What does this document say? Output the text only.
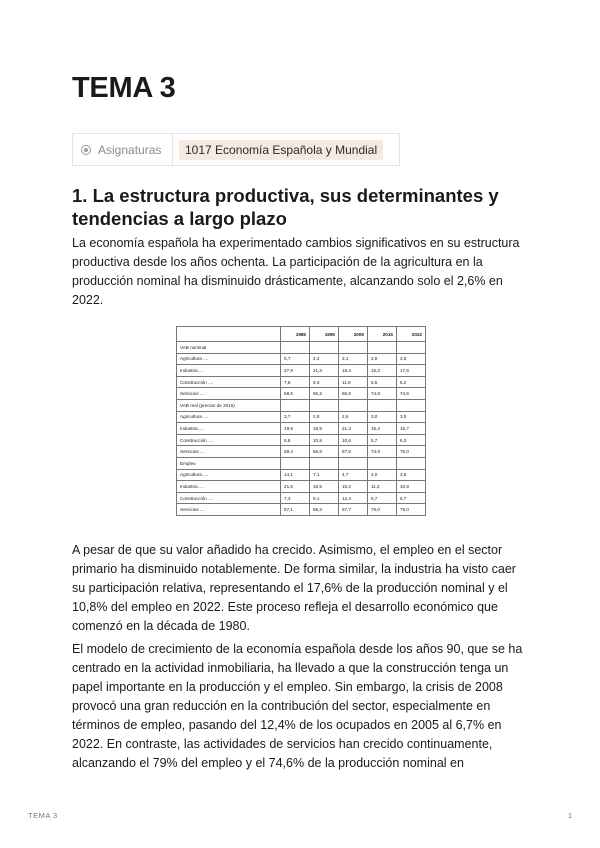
TEMA 3
Asignaturas	1017 Economía Española y Mundial
1. La estructura productiva, sus determinantes y tendencias a largo plazo

La economía española ha experimentado cambios significativos en su estructura productiva desde los años ochenta. La participación de la agricultura en la producción nominal ha disminuido drásticamente, alcanzando solo el 2,6% en 2022.

	1985	1995	2005	2015	2022
VAB nominal					
Agricultura ....	5,7	4,2	3,1	2,9	2,6
Industria ....	27,9	21,3	18,4	16,3	17,6
Construcción ....	7,8	9,3	11,9	5,5	5,2
Servicios ....	58,5	65,2	66,6	74,8	74,6
VAB real (precios de 2015)					
Agricultura ....	3,7	2,8	2,6	3,0	3,0
Industria ....	19,9	18,9	21,3	16,4	15,7
Construcción ....	6,8	10,8	10,6	5,7	6,3
Servicios ....	69,4	66,8	67,5	74,9	75,0
Empleo					
Agricultura ....	14,1	7,1	4,7	4,0	3,5
Industria ....	21,5	18,5	15,2	11,2	10,8
Construcción ....	7,3	9,1	12,4	5,7	6,7
Servicios ....	57,1	65,3	67,7	79,0	79,0

A pesar de que su valor añadido ha crecido. Asimismo, el empleo en el sector primario ha disminuido notablemente. De forma similar, la industria ha visto caer su participación relativa, representando el 17,6% de la producción nominal y el 10,8% del empleo en 2022. Este proceso refleja el desarrollo económico que comenzó en la década de 1980.

El modelo de crecimiento de la economía española desde los años 90, que se ha centrado en la actividad inmobiliaria, ha llevado a que la construcción tenga un papel importante en la producción y el empleo. Sin embargo, la crisis de 2008 provocó una gran reducción en la contribución del sector, especialmente en términos de empleo, pasando del 12,4% de los ocupados en 2005 al 6,7% en 2022. En contraste, las actividades de servicios han crecido continuamente, alcanzando el 79% del empleo y el 74,6% de la producción nominal en

TEMA 3	1
